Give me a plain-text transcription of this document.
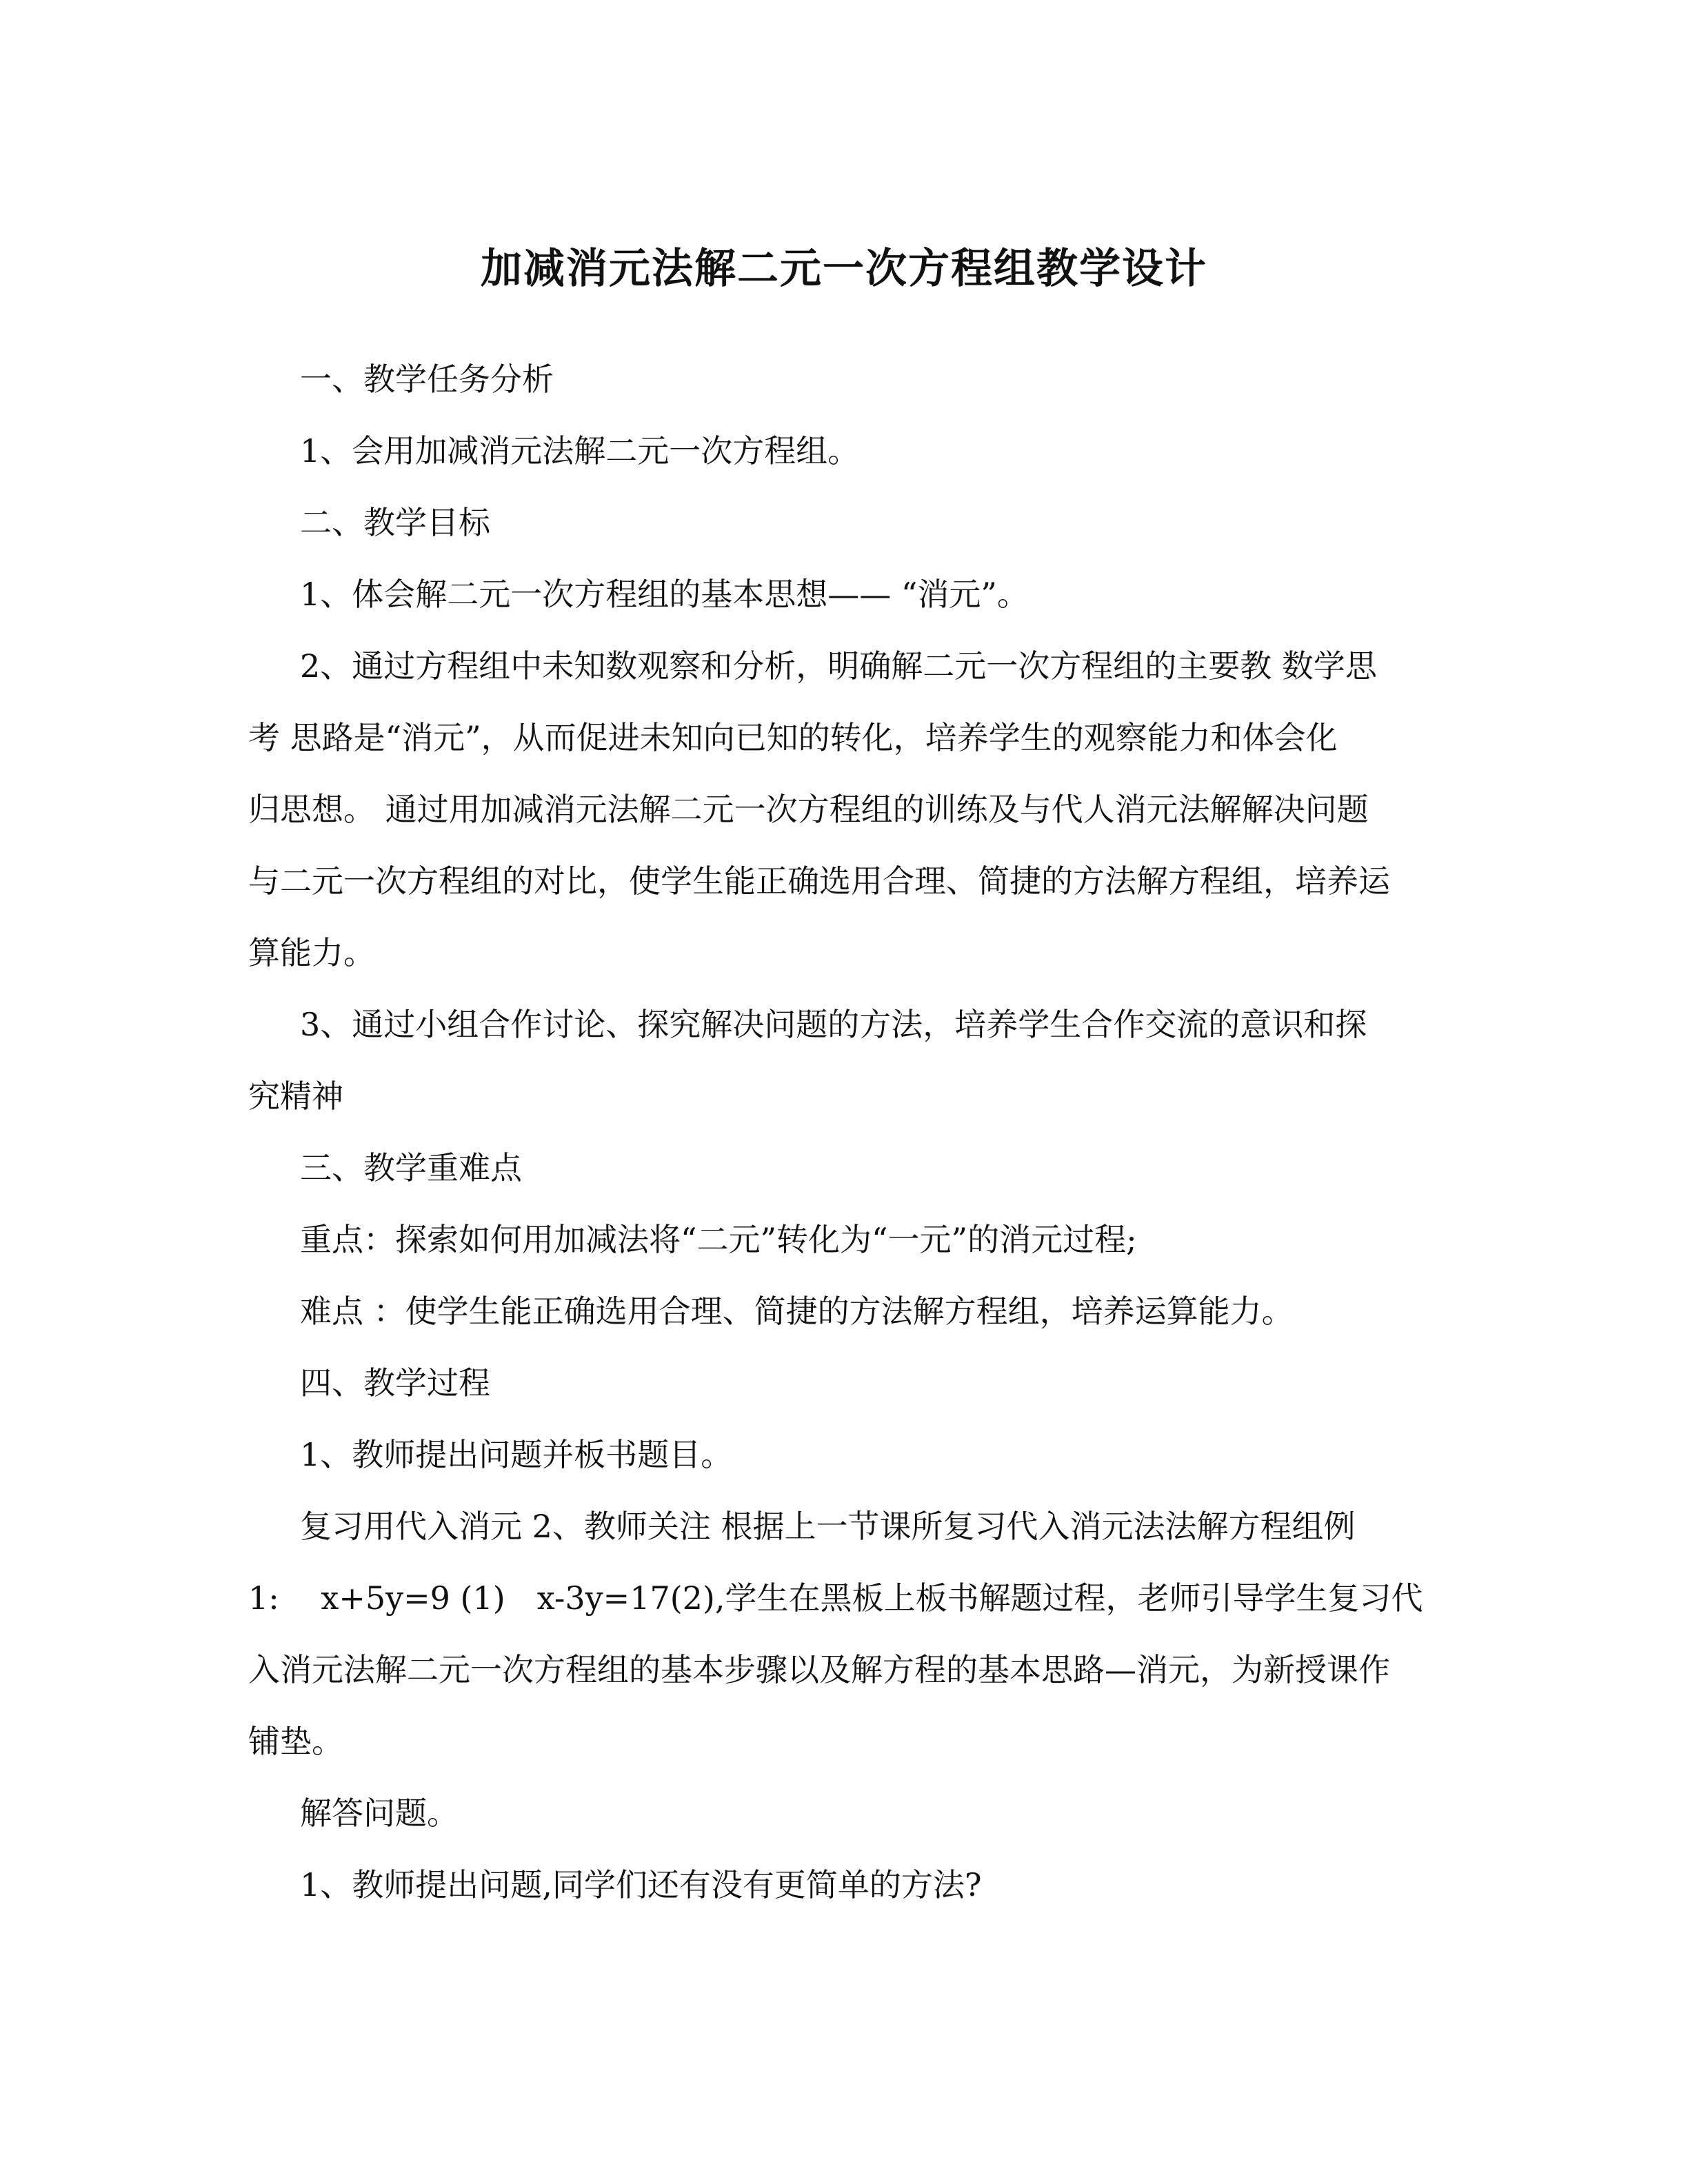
加减消元法解二元一次方程组教学设计
一、教学任务分析
1、会用加减消元法解二元一次方程组。
二、教学目标
1、体会解二元一次方程组的基本思想—— “消元”。
2、通过方程组中未知数观察和分析，明确解二元一次方程组的主要教 数学思
考 思路是“消元”，从而促进未知向已知的转化，培养学生的观察能力和体会化
归思想。 通过用加减消元法解二元一次方程组的训练及与代人消元法解解决问题
与二元一次方程组的对比，使学生能正确选用合理、简捷的方法解方程组，培养运
算能力。
3、通过小组合作讨论、探究解决问题的方法，培养学生合作交流的意识和探
究精神
三、教学重难点
重点：探索如何用加减法将“二元”转化为“一元”的消元过程;
难点 ：使学生能正确选用合理、简捷的方法解方程组，培养运算能力。
四、教学过程
1、教师提出问题并板书题目。
复习用代入消元 2、教师关注 根据上一节课所复习代入消元法法解方程组例
1:　 x+5y=9 (1)　x-3y=17(2),学生在黑板上板书解题过程，老师引导学生复习代
入消元法解二元一次方程组的基本步骤以及解方程的基本思路—消元，为新授课作
铺垫。
解答问题。
1、教师提出问题,同学们还有没有更简单的方法?
